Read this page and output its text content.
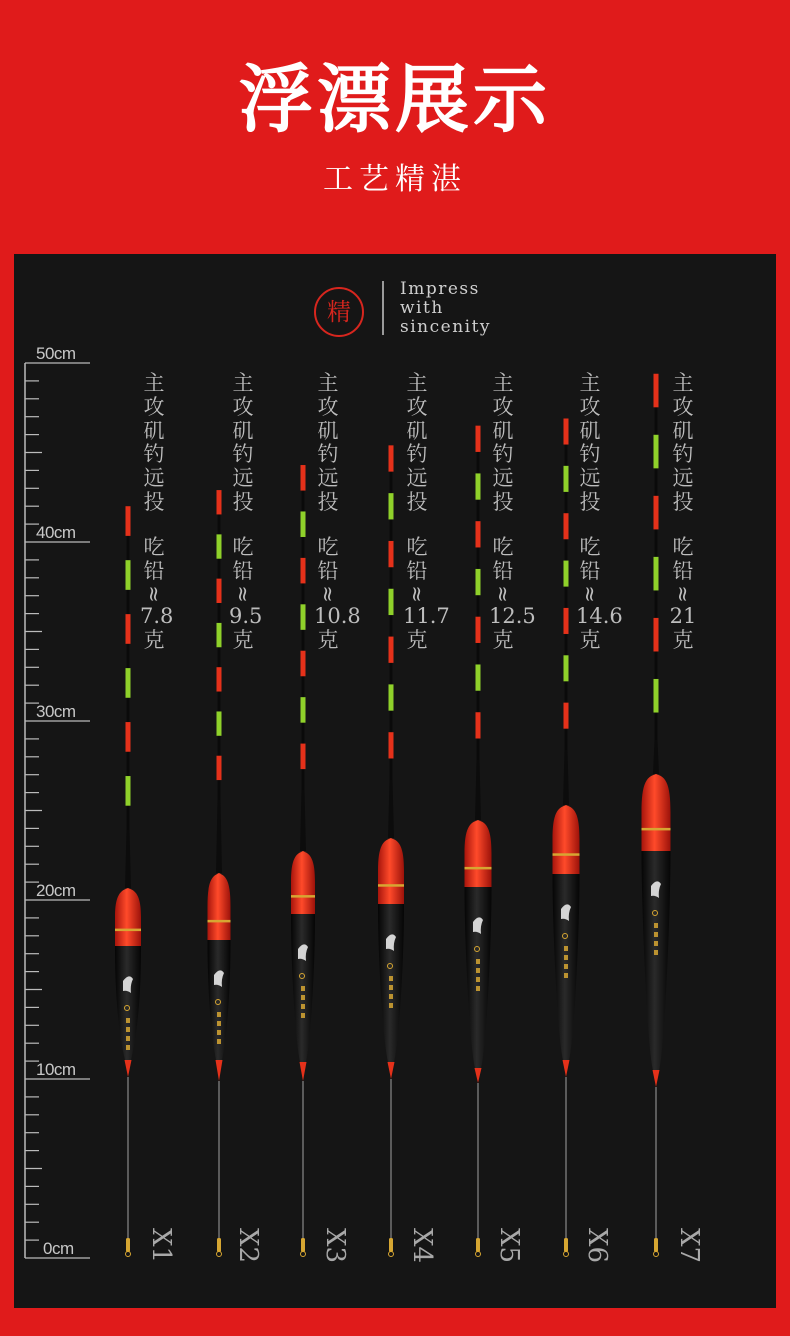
浮漂展示
工艺精湛
精
Impress
with
sincenity
50cm
40cm
30cm
20cm
10cm
0cm
主攻矶钓远投
吃铅
≈
7.8克
主攻矶钓远投
吃铅
≈
9.5克
主攻矶钓远投
吃铅
≈
10.8克
主攻矶钓远投
吃铅
≈
11.7克
主攻矶钓远投
吃铅
≈
12.5克
主攻矶钓远投
吃铅
≈
14.6克
主攻矶钓远投
吃铅
≈
21克
X1 X2 X3 X4 X5 X6 X7
